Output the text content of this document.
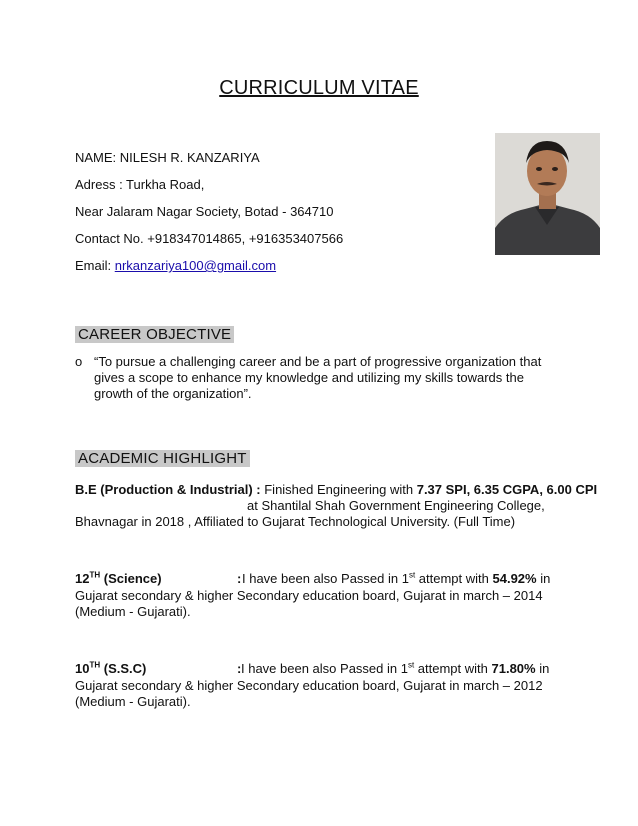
CURRICULUM VITAE
NAME: NILESH R. KANZARIYA
Adress : Turkha Road,
Near Jalaram Nagar Society, Botad - 364710
Contact No. +918347014865, +916353407566
Email: nrkanzariya100@gmail.com
CAREER OBJECTIVE
o “To pursue a challenging career and be a part of progressive organization that gives a scope to enhance my knowledge and utilizing my skills towards the growth of the organization”.
ACADEMIC HIGHLIGHT
B.E (Production & Industrial) : Finished Engineering with 7.37 SPI, 6.35 CGPA, 6.00 CPI
at Shantilal Shah Government Engineering College,
Bhavnagar in 2018 , Affiliated to Gujarat Technological University. (Full Time)
12TH (Science)	: I have been also Passed in 1st attempt with 54.92% in
Gujarat secondary & higher Secondary education board, Gujarat in march – 2014
(Medium - Gujarati).
10TH (S.S.C)	: I have been also Passed in 1st attempt with 71.80% in
Gujarat secondary & higher Secondary education board, Gujarat in march – 2012
(Medium - Gujarati).
